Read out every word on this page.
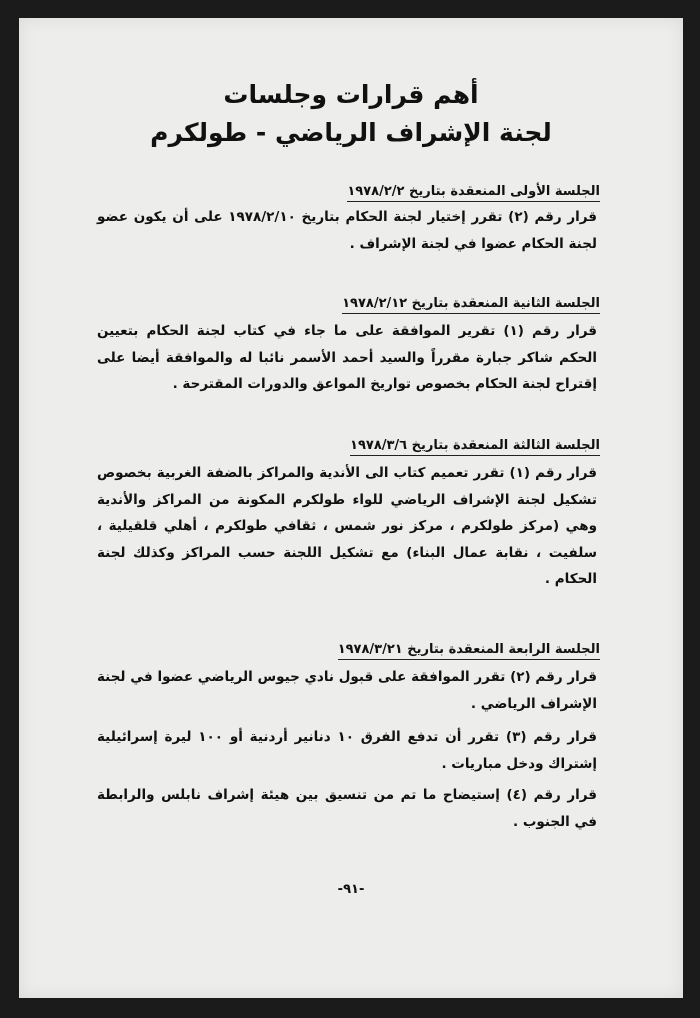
أهم قرارات وجلسات
لجنة الإشراف الرياضي - طولكرم
الجلسة الأولى المنعقدة بتاريخ ١٩٧٨/٢/٢
قرار رقم (٢) تقرر إختيار لجنة الحكام بتاريخ ١٩٧٨/٢/١٠ على أن يكون عضو لجنة الحكام عضوا في لجنة الإشراف .
الجلسة الثانية المنعقدة بتاريخ ١٩٧٨/٢/١٢
قرار رقم (١) تقرير الموافقة على ما جاء في كتاب لجنة الحكام بتعيين الحكم شاكر جبارة مقرراً والسيد أحمد الأسمر نائبا له والموافقة أيضا على إقتراح لجنة الحكام بخصوص تواريخ المواعق والدورات المقترحة .
الجلسة الثالثة المنعقدة بتاريخ ١٩٧٨/٣/٦
قرار رقم (١) تقرر تعميم كتاب الى الأندية والمراكز بالضفة الغربية بخصوص تشكيل لجنة الإشراف الرياضي للواء طولكرم المكونة من المراكز والأندية وهي (مركز طولكرم ، مركز نور شمس ، ثقافي طولكرم ، أهلي قلقيلية ، سلفيت ، نقابة عمال البناء) مع تشكيل اللجنة حسب المراكز وكذلك لجنة الحكام .
الجلسة الرابعة المنعقدة بتاريخ ١٩٧٨/٣/٢١
قرار رقم (٢) تقرر الموافقة على قبول نادي جيوس الرياضي عضوا في لجنة الإشراف الرياضي .
قرار رقم (٣) تقرر أن تدفع الفرق ١٠ دنانير أردنية أو ١٠٠ ليرة إسرائيلية إشتراك ودخل مباريات .
قرار رقم (٤) إستيضاح ما تم من تنسيق بين هيئة إشراف نابلس والرابطة في الجنوب .
-٩١-
